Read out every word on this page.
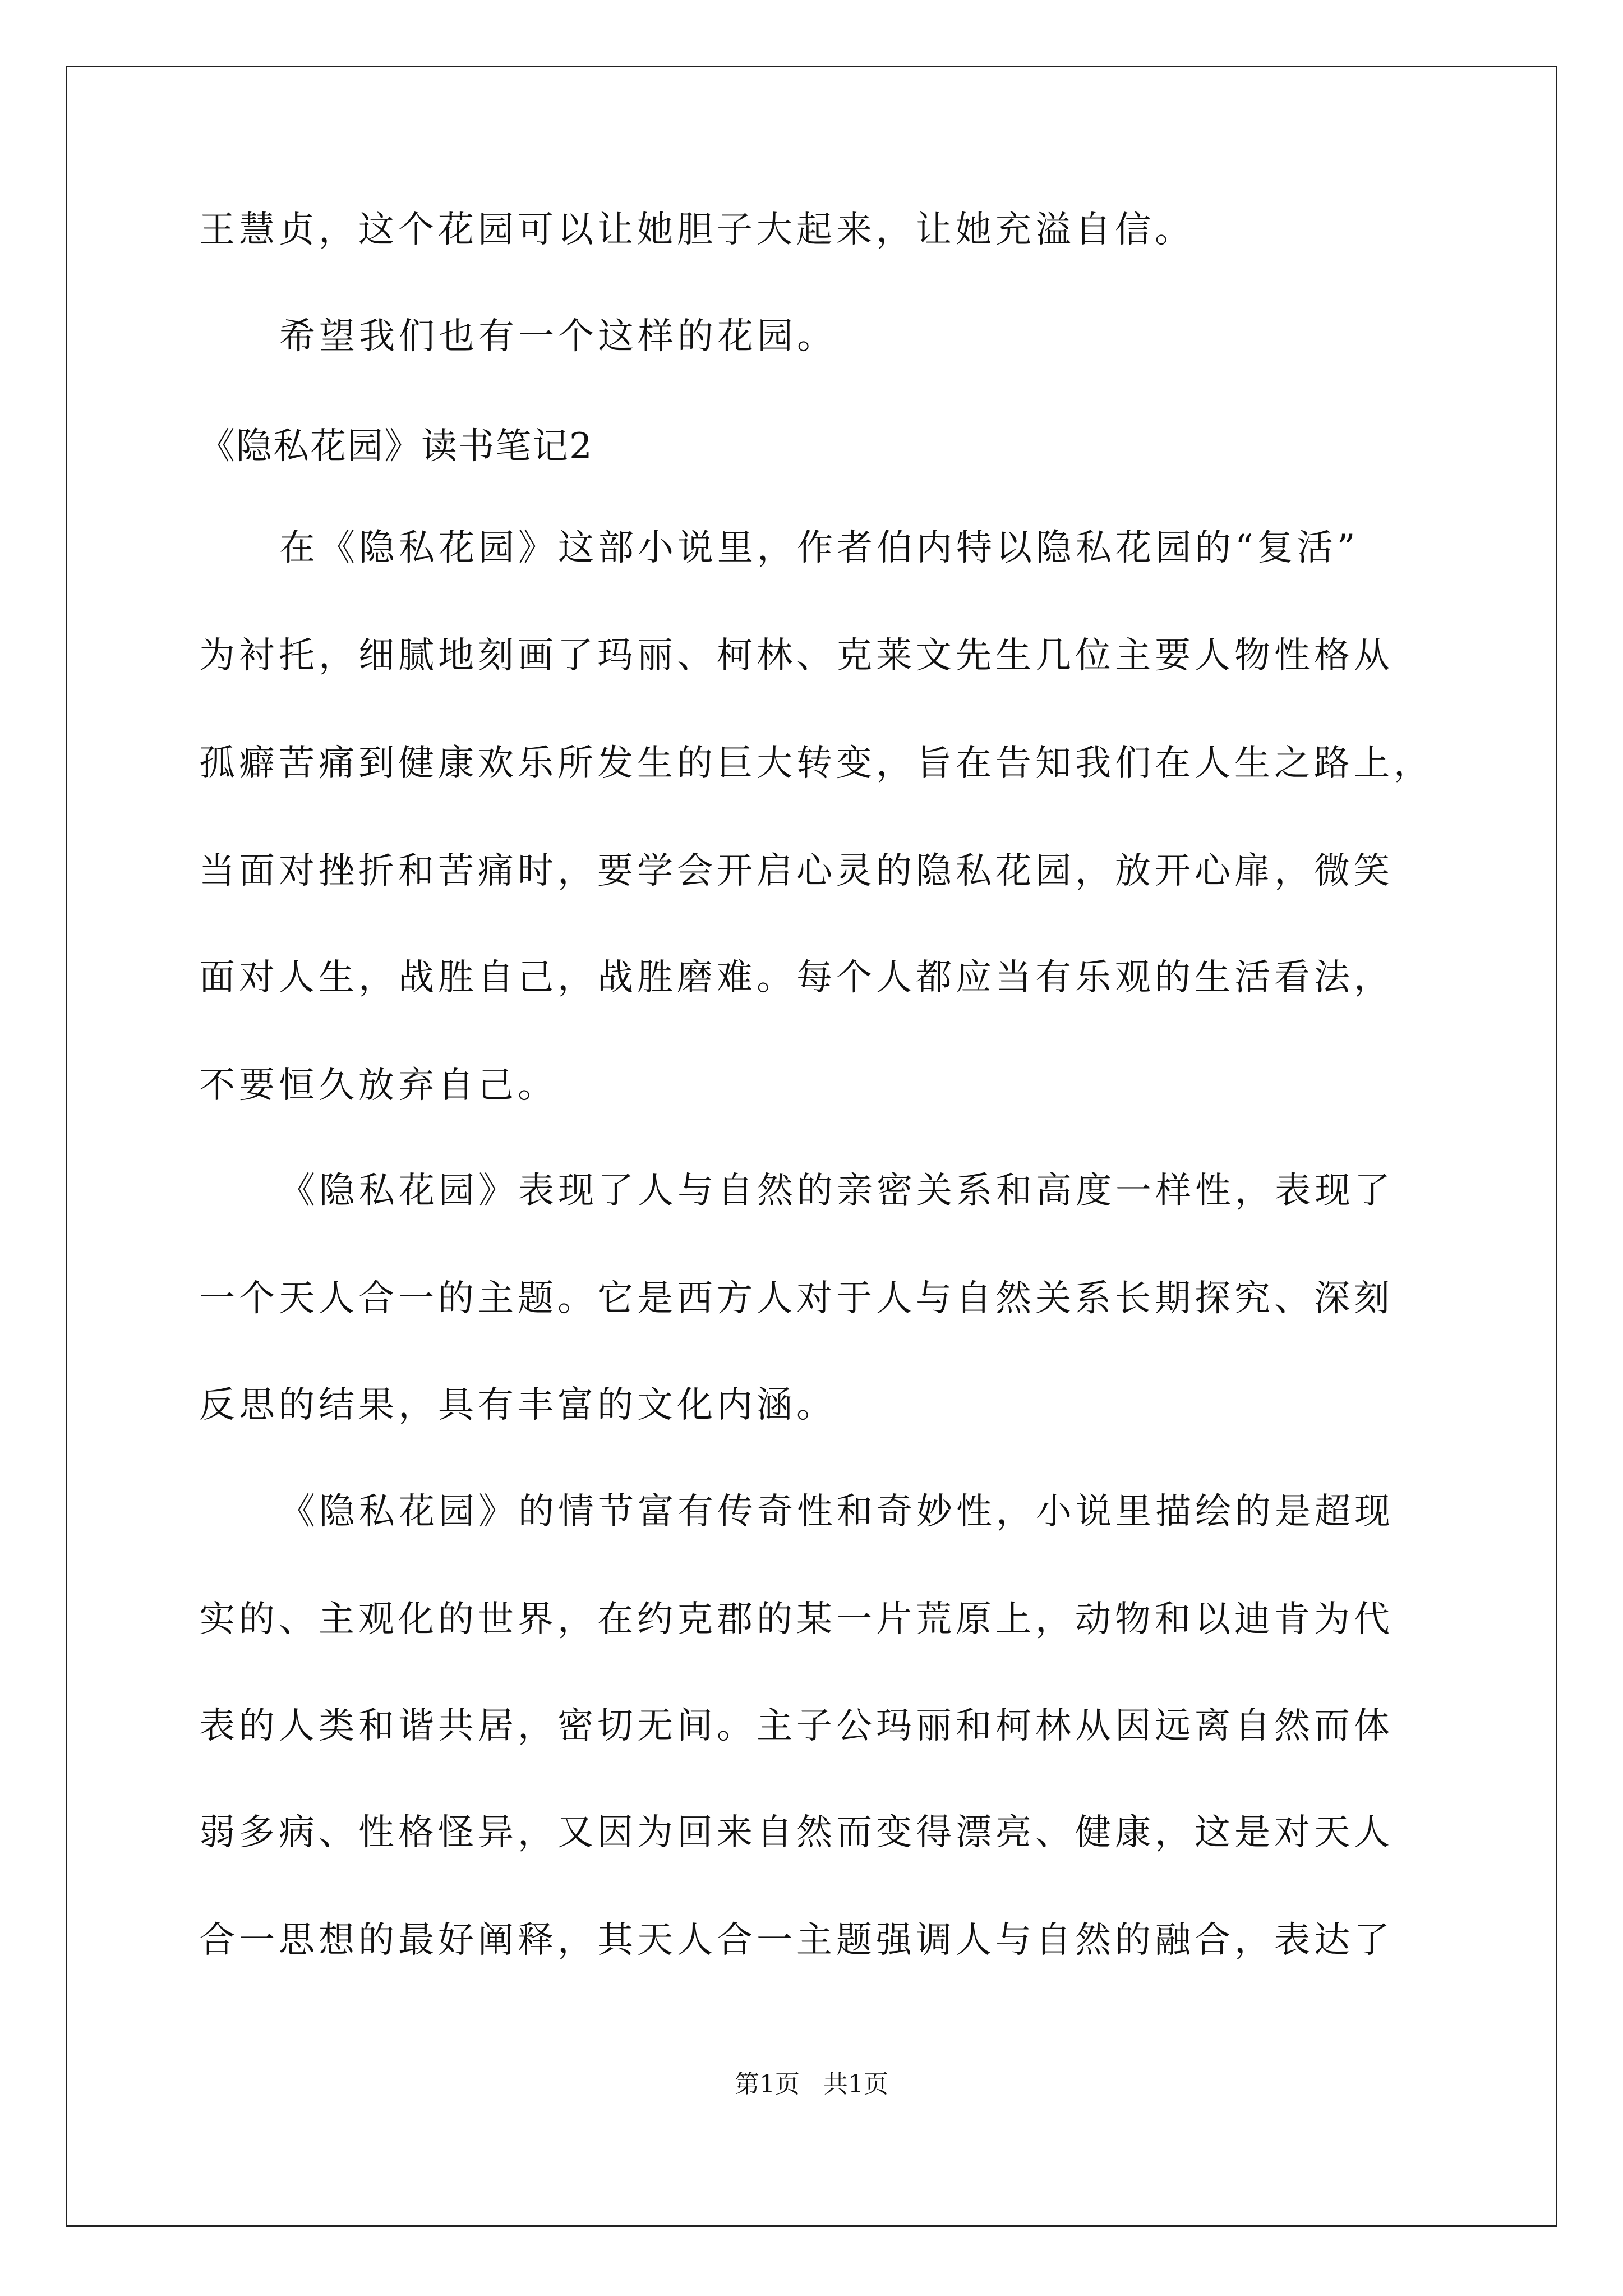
王慧贞，这个花园可以让她胆子大起来，让她充溢自信。
希望我们也有一个这样的花园。
《隐私花园》读书笔记2
在《隐私花园》这部小说里，作者伯内特以隐私花园的“复活”
为衬托，细腻地刻画了玛丽、柯林、克莱文先生几位主要人物性格从
孤癖苦痛到健康欢乐所发生的巨大转变，旨在告知我们在人生之路上，
当面对挫折和苦痛时，要学会开启心灵的隐私花园，放开心扉，微笑
面对人生，战胜自己，战胜磨难。每个人都应当有乐观的生活看法，
不要恒久放弃自己。
《隐私花园》表现了人与自然的亲密关系和高度一样性，表现了
一个天人合一的主题。它是西方人对于人与自然关系长期探究、深刻
反思的结果，具有丰富的文化内涵。
《隐私花园》的情节富有传奇性和奇妙性，小说里描绘的是超现
实的、主观化的世界，在约克郡的某一片荒原上，动物和以迪肯为代
表的人类和谐共居，密切无间。主子公玛丽和柯林从因远离自然而体
弱多病、性格怪异，又因为回来自然而变得漂亮、健康，这是对天人
合一思想的最好阐释，其天人合一主题强调人与自然的融合，表达了
第1页   共1页
